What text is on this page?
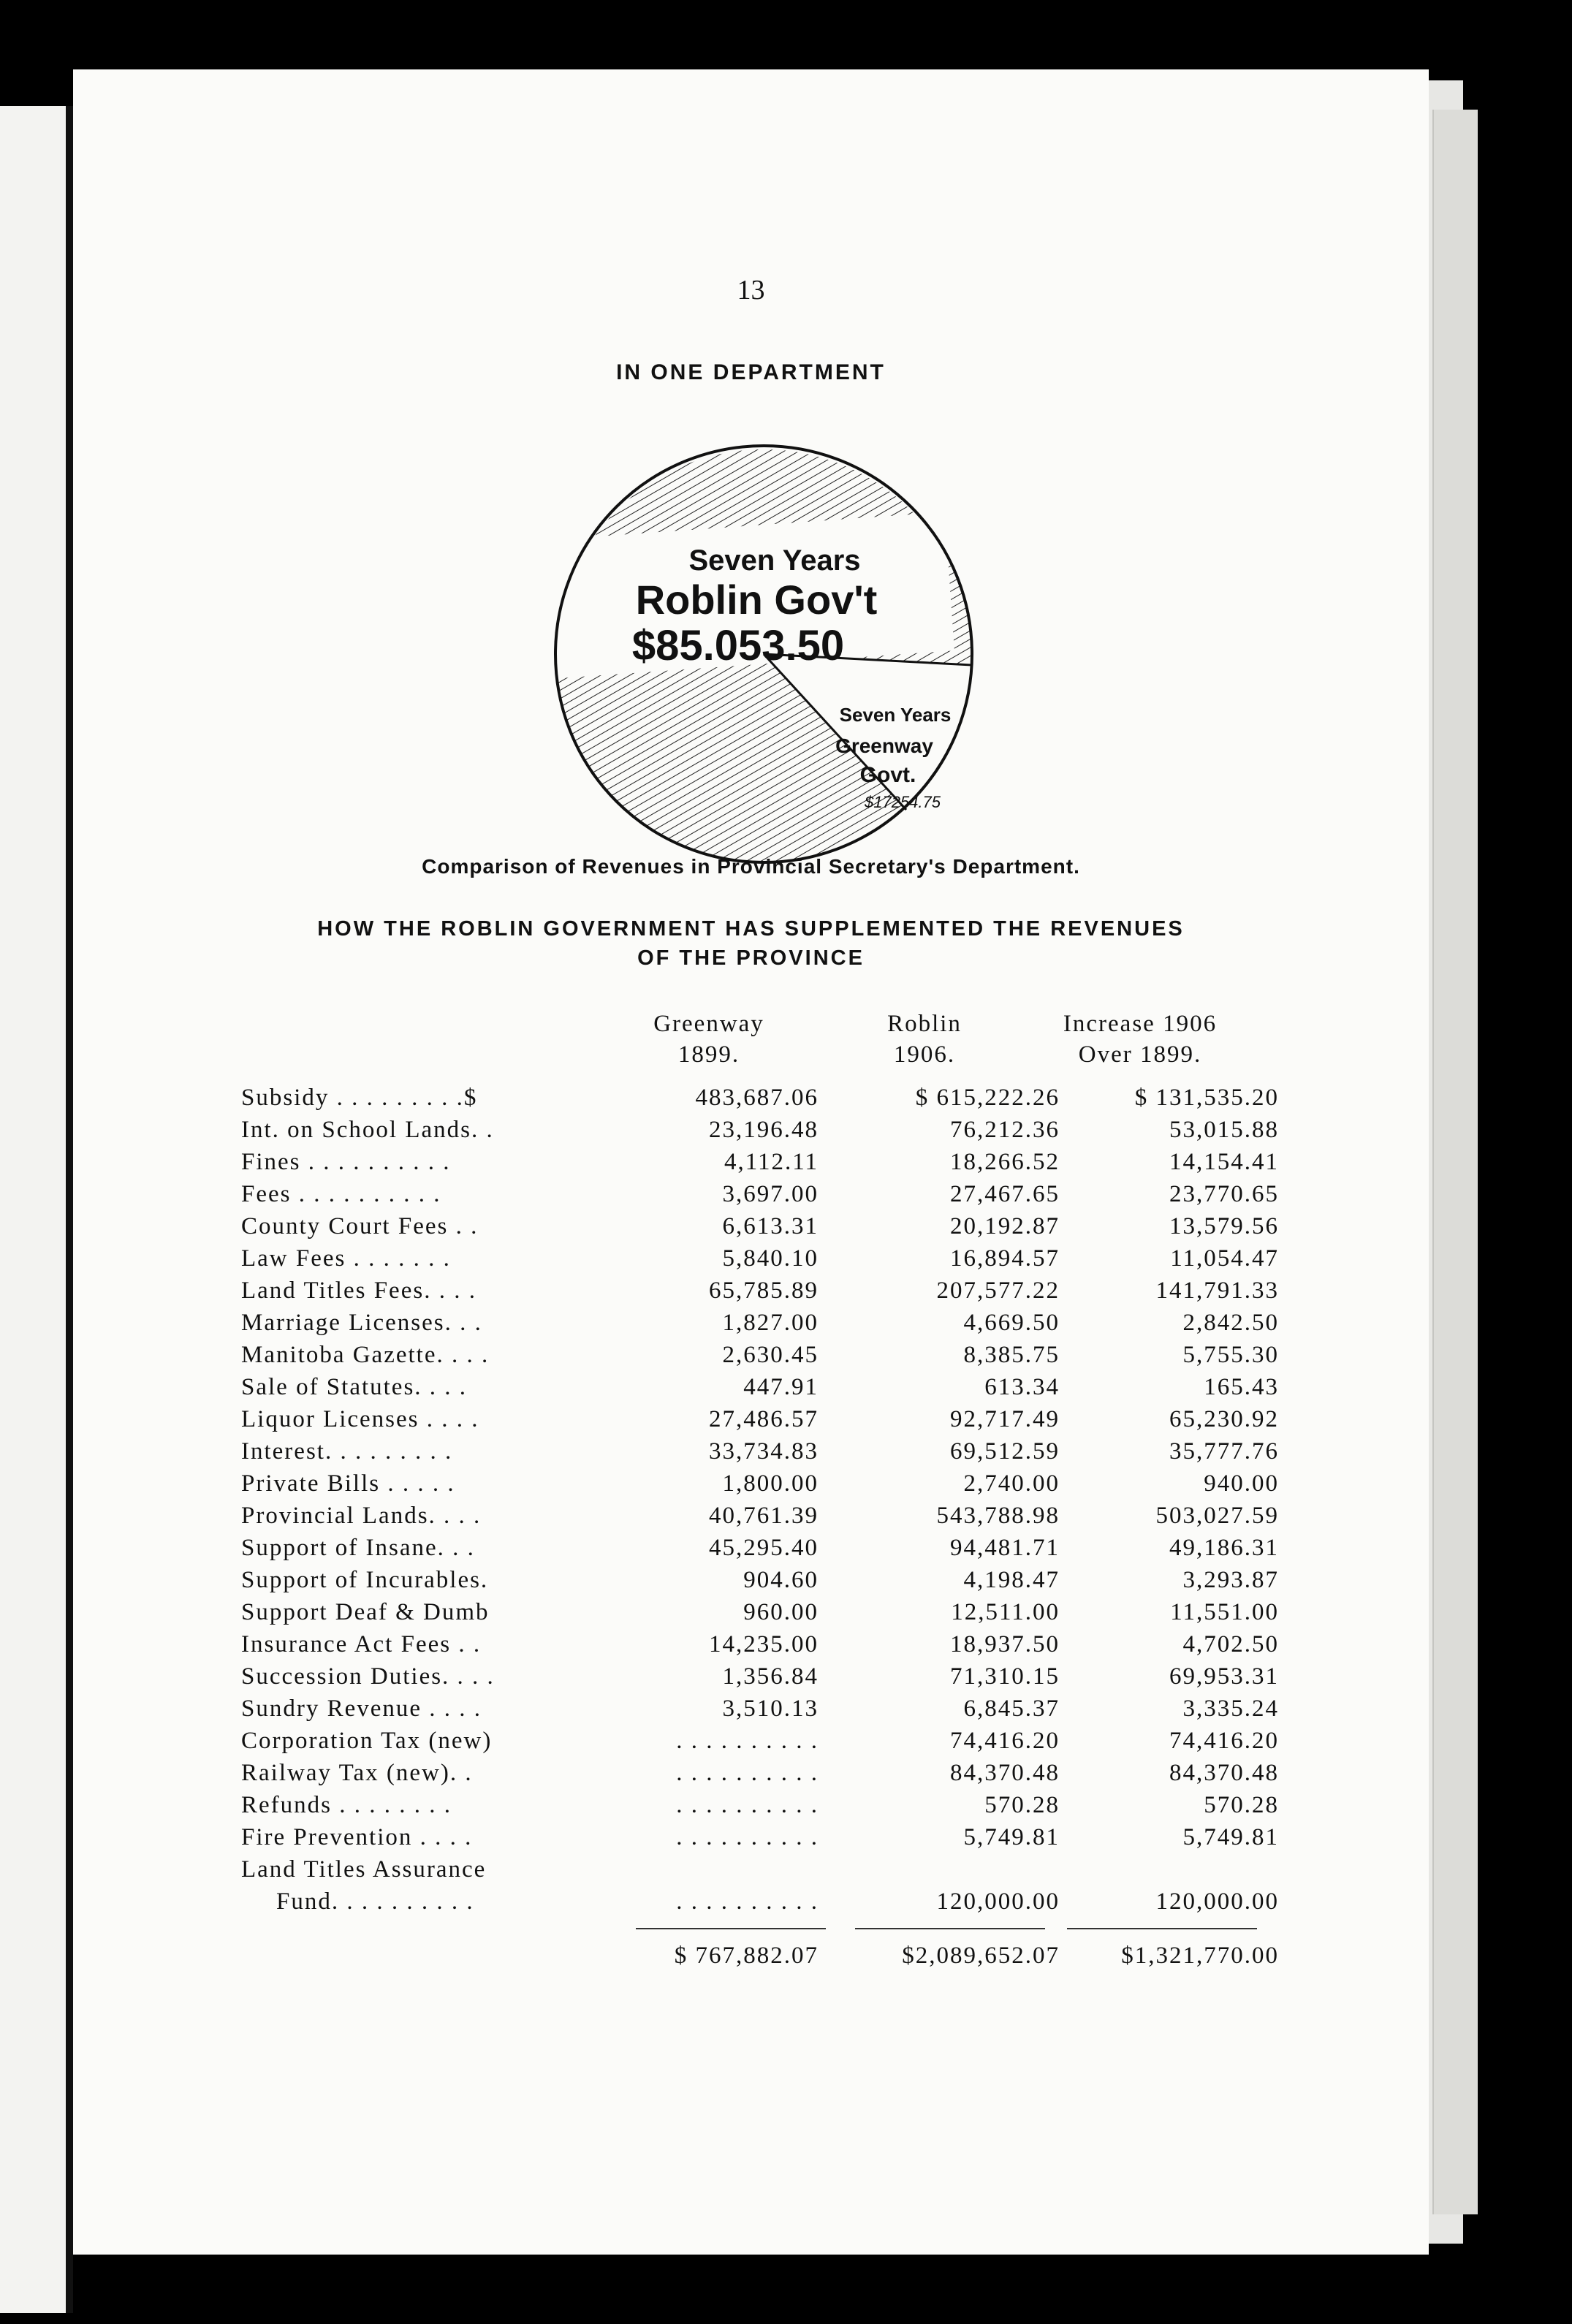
13
IN ONE DEPARTMENT
Seven Years
Roblin Gov't
$85.053.50
Seven Years
Greenway
Govt.
$17254.75
Comparison of Revenues in Provincial Secretary's Department.
HOW THE ROBLIN GOVERNMENT HAS SUPPLEMENTED THE REVENUES
OF THE PROVINCE
Greenway
1899.
Roblin
1906.
Increase 1906
Over 1899.
Subsidy . . . . . . . . .$	483,687.06	$ 615,222.26	$ 131,535.20
Int. on School Lands. .	23,196.48	76,212.36	53,015.88
Fines . . . . . . . . . .	4,112.11	18,266.52	14,154.41
Fees . . . . . . . . . .	3,697.00	27,467.65	23,770.65
County Court Fees . .	6,613.31	20,192.87	13,579.56
Law Fees . . . . . . .	5,840.10	16,894.57	11,054.47
Land Titles Fees. . . .	65,785.89	207,577.22	141,791.33
Marriage Licenses. . .	1,827.00	4,669.50	2,842.50
Manitoba Gazette. . . .	2,630.45	8,385.75	5,755.30
Sale of Statutes. . . .	447.91	613.34	165.43
Liquor Licenses . . . .	27,486.57	92,717.49	65,230.92
Interest. . . . . . . . .	33,734.83	69,512.59	35,777.76
Private Bills . . . . .	1,800.00	2,740.00	940.00
Provincial Lands. . . .	40,761.39	543,788.98	503,027.59
Support of Insane. . .	45,295.40	94,481.71	49,186.31
Support of Incurables.	904.60	4,198.47	3,293.87
Support Deaf & Dumb	960.00	12,511.00	11,551.00
Insurance Act Fees . .	14,235.00	18,937.50	4,702.50
Succession Duties. . . .	1,356.84	71,310.15	69,953.31
Sundry Revenue . . . .	3,510.13	6,845.37	3,335.24
Corporation Tax (new)	. . . . . . . . . .	74,416.20	74,416.20
Railway Tax (new). .	. . . . . . . . . .	84,370.48	84,370.48
Refunds . . . . . . . .	. . . . . . . . . .	570.28	570.28
Fire Prevention . . . .	. . . . . . . . . .	5,749.81	5,749.81
Land Titles Assurance
Fund. . . . . . . . . .	. . . . . . . . . .	120,000.00	120,000.00
$ 767,882.07	$2,089,652.07	$1,321,770.00
